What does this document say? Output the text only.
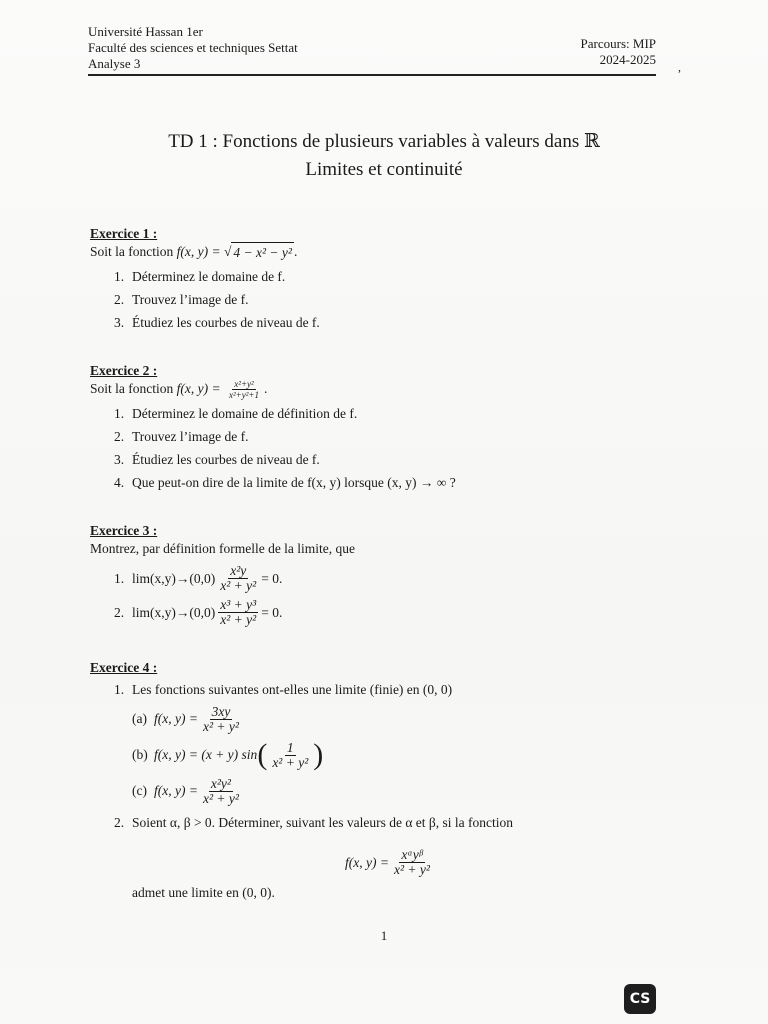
Université Hassan 1er
Faculté des sciences et techniques Settat
Analyse 3
Parcours: MIP
2024-2025 ,
TD 1 : Fonctions de plusieurs variables à valeurs dans ℝ
Limites et continuité
Exercice 1 :
Soit la fonction f(x, y) = √ 4 − x² − y² .
1. Déterminez le domaine de f.
2. Trouvez l’image de f.
3. Étudiez les courbes de niveau de f.
Exercice 2 :
Soit la fonction f(x, $y) = \frac{\text{x²+y²}}{\text{x²+y²+1}}$ .
1. Déterminez le domaine de définition de f.
2. Trouvez l’image de f.
3. Étudiez les courbes de niveau de f.
4. Que peut-on dire de la limite de f(x, y) lorsque (x, y) → ∞ ?
Exercice 3 :
Montrez, par définition formelle de la limite, que
1. $\lim(x,y)\to(0,0) \frac{\text{x²y}}{\text{x² + y²}} = 0$.
2. $\lim(x,y)\to(0,0) \frac{\text{x³ + y³}}{\text{x² + y²}} = 0$.
Exercice 4 :
1. Les fonctions suivantes ont-elles une limite (finie) en (0, 0)
(a) f(x, $y) = \frac{3xy}{\text{x² + y²}}$
(b) f(x, y) = (x + y) sin ( $\frac{1}{\text{x² + y²}}$ )
(c) f(x, $y) = \frac{\text{x²y²}}{\text{x² + y²}}$
2. Soient α, β > 0. Déterminer, suivant les valeurs de α et β, si la fonction
f(x, $y) = \frac{\text{xᵅyᵝ}}{\text{x² + y²}}$
admet une limite en (0, 0).
1
CS
